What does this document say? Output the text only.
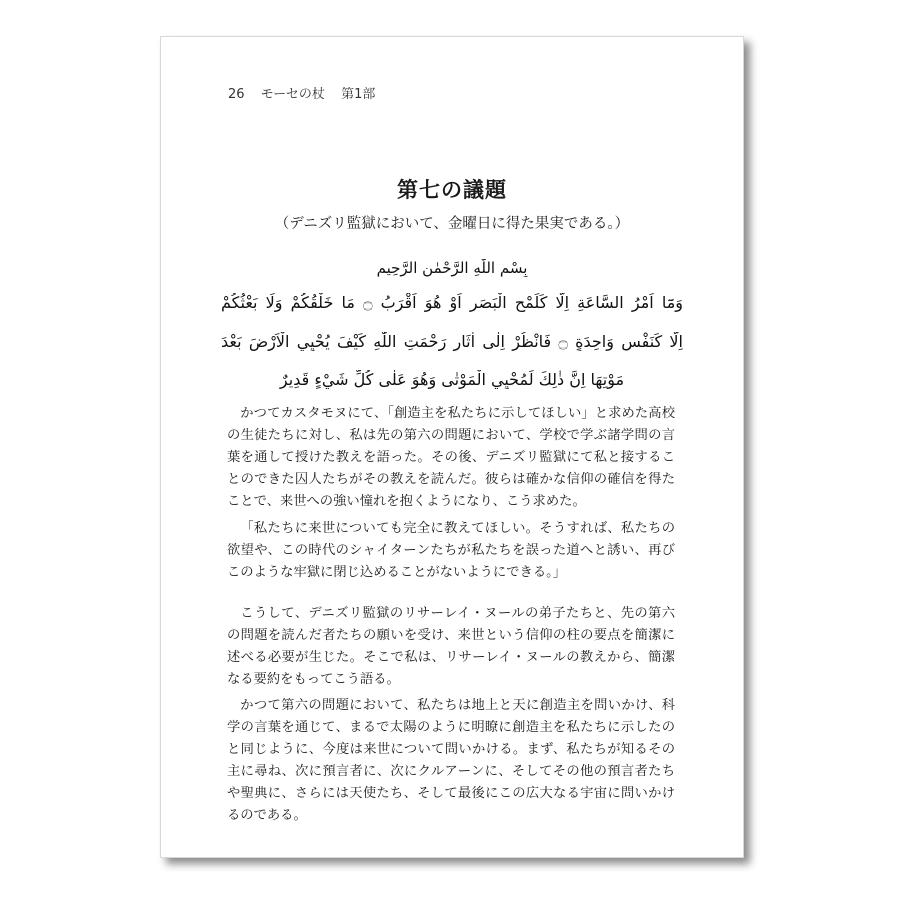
26 モーセの杖 第1部
第七の議題
（デニズリ監獄において、金曜日に得た果実である。）
بِسْمِ اللّٰهِ الرَّحْمٰنِ الرَّحِيمِ
وَمَٓا اَمْرُ السَّاعَةِ اِلَّا كَلَمْحِ الْبَصَرِ اَوْ هُوَ اَقْرَبُ ۝ مَا خَلْقُكُمْ وَلَا بَعْثُكُمْ
اِلَّا كَنَفْسٍ وَاحِدَةٍ ۝ فَانْظُرْ اِلٰى اٰثَارِ رَحْمَتِ اللّٰهِ كَيْفَ يُحْيِي الْاَرْضَ بَعْدَ
مَوْتِهَا اِنَّ ذٰلِكَ لَمُحْيِي الْمَوْتٰى وَهُوَ عَلٰى كُلِّ شَيْءٍ قَدِيرٌ
かつてカスタモヌにて、「創造主を私たちに示してほしい」と求めた高校の生徒たちに対し、私は先の第六の問題において、学校で学ぶ諸学問の言葉を通して授けた教えを語った。その後、デニズリ監獄にて私と接することのできた囚人たちがその教えを読んだ。彼らは確かな信仰の確信を得たことで、来世への強い憧れを抱くようになり、こう求めた。
「私たちに来世についても完全に教えてほしい。そうすれば、私たちの欲望や、この時代のシャイターンたちが私たちを誤った道へと誘い、再びこのような牢獄に閉じ込めることがないようにできる。」
こうして、デニズリ監獄のリサーレイ・ヌールの弟子たちと、先の第六の問題を読んだ者たちの願いを受け、来世という信仰の柱の要点を簡潔に述べる必要が生じた。そこで私は、リサーレイ・ヌールの教えから、簡潔なる要約をもってこう語る。
かつて第六の問題において、私たちは地上と天に創造主を問いかけ、科学の言葉を通じて、まるで太陽のように明瞭に創造主を私たちに示したのと同じように、今度は来世について問いかける。まず、私たちが知るその主に尋ね、次に預言者に、次にクルアーンに、そしてその他の預言者たちや聖典に、さらには天使たち、そして最後にこの広大なる宇宙に問いかけるのである。
